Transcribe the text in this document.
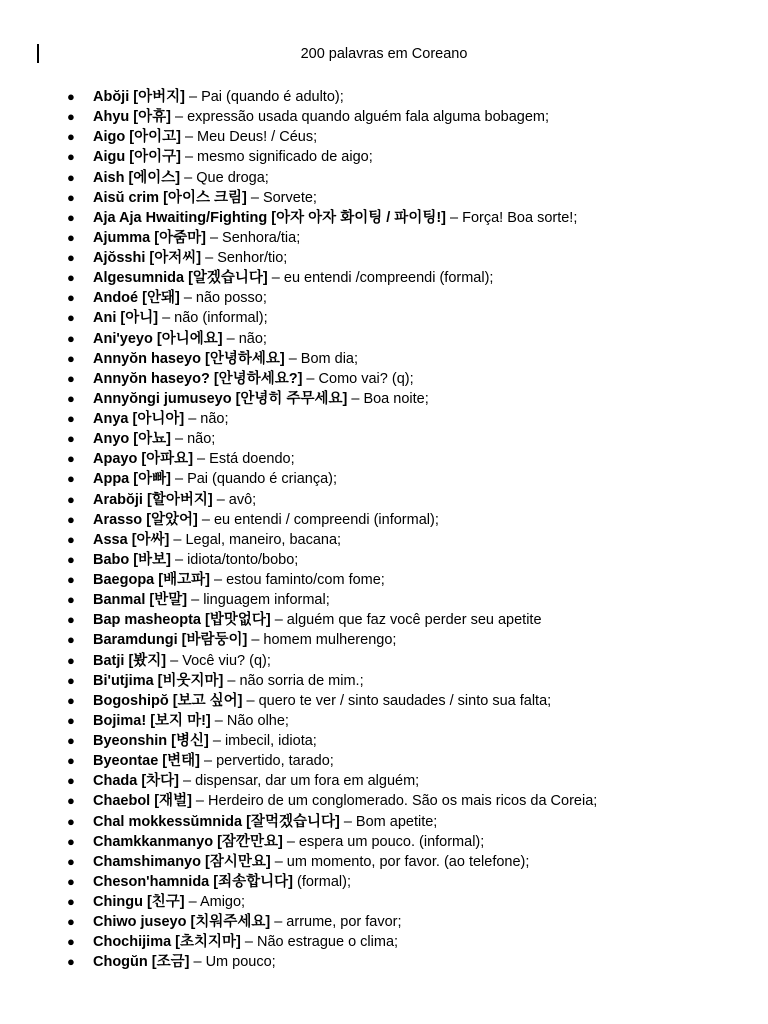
200 palavras em Coreano
● Abŏji [아버지] – Pai (quando é adulto);
● Ahyu [아휴] – expressão usada quando alguém fala alguma bobagem;
● Aigo [아이고] – Meu Deus! / Céus;
● Aigu [아이구] – mesmo significado de aigo;
● Aish [에이스] – Que droga;
● Aisŭ crim [아이스 크림] – Sorvete;
● Aja Aja Hwaiting/Fighting [아자 아자 화이팅 / 파이팅!] – Força! Boa sorte!;
● Ajumma [아줌마] – Senhora/tia;
● Ajŏsshi [아저씨] – Senhor/tio;
● Algesumnida [알겠습니다] – eu entendi /compreendi (formal);
● Andoé [안돼] – não posso;
● Ani [아니] – não (informal);
● Ani'yeyo [아니에요] – não;
● Annyŏn haseyo [안녕하세요] – Bom dia;
● Annyŏn haseyo? [안녕하세요?] – Como vai? (q);
● Annyŏngi jumuseyo [안녕히 주무세요] – Boa noite;
● Anya [아니아] – não;
● Anyo [아뇨] – não;
● Apayo [아파요] – Está doendo;
● Appa [아빠] – Pai (quando é criança);
● Arabŏji [할아버지] – avô;
● Arasso [알았어] – eu entendi / compreendi (informal);
● Assa [아싸] – Legal, maneiro, bacana;
● Babo [바보] – idiota/tonto/bobo;
● Baegopa [배고파] – estou faminto/com fome;
● Banmal [반말] – linguagem informal;
● Bap masheopta [밥맛없다] – alguém que faz você perder seu apetite
● Baramdungi [바람둥이] – homem mulherengo;
● Batji [봤지] – Você viu? (q);
● Bi'utjima [비웃지마] – não sorria de mim.;
● Bogoshipŏ [보고 싶어] – quero te ver / sinto saudades / sinto sua falta;
● Bojima! [보지 마!] – Não olhe;
● Byeonshin [병신] – imbecil, idiota;
● Byeontae [변태] – pervertido, tarado;
● Chada [차다] – dispensar, dar um fora em alguém;
● Chaebol [재벌] – Herdeiro de um conglomerado. São os mais ricos da Coreia;
● Chal mokkessŭmnida [잘먹겠습니다] – Bom apetite;
● Chamkkanmanyo [잠깐만요] – espera um pouco. (informal);
● Chamshimanyo [잠시만요] – um momento, por favor. (ao telefone);
● Cheson'hamnida [죄송합니다] (formal);
● Chingu [친구] – Amigo;
● Chiwo juseyo [치워주세요] – arrume, por favor;
● Chochijima [초치지마] – Não estrague o clima;
● Chogŭn [조금] – Um pouco;
